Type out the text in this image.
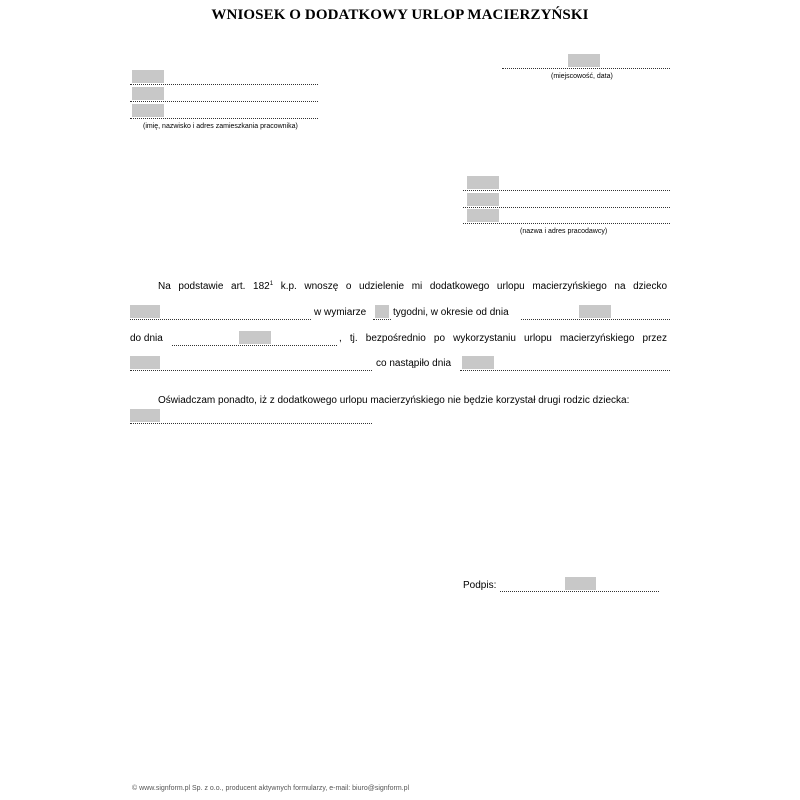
WNIOSEK O DODATKOWY URLOP MACIERZYŃSKI
(imię, nazwisko i adres zamieszkania pracownika)
(miejscowość, data)
(nazwa i adres pracodawcy)
Na podstawie art. $182^1$ k.p. wnoszę o udzielenie mi dodatkowego urlopu macierzyńskiego na dziecko
w wymiarze	tygodni, w okresie od dnia
do dnia	, tj. bezpośrednio po wykorzystaniu urlopu macierzyńskiego przez
co nastąpiło dnia
Oświadczam ponadto, iż z dodatkowego urlopu macierzyńskiego nie będzie korzystał drugi rodzic dziecka:
Podpis:
© www.signform.pl Sp. z o.o., producent aktywnych formularzy, e-mail: biuro@signform.pl
